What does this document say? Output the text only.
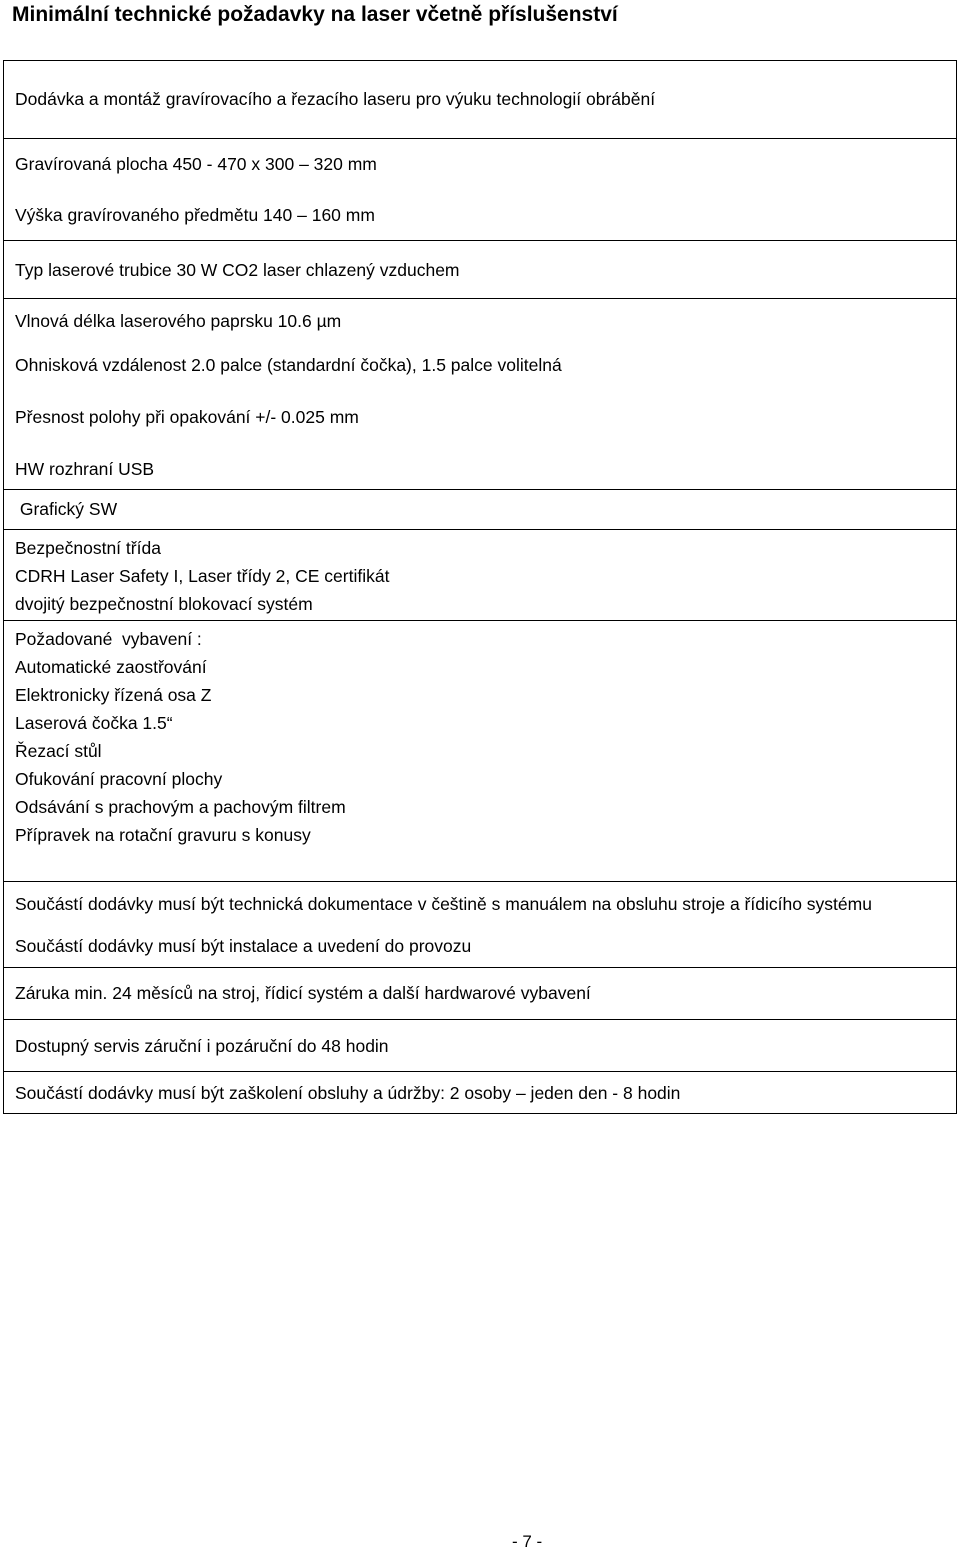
Minimální technické požadavky na laser včetně příslušenství
Dodávka a montáž gravírovacího a řezacího laseru pro výuku technologií obrábění

Gravírovaná plocha 450 - 470 x 300 – 320 mm
Výška gravírovaného předmětu 140 – 160 mm

Typ laserové trubice 30 W CO2 laser chlazený vzduchem

Vlnová délka laserového paprsku 10.6 µm
Ohnisková vzdálenost 2.0 palce (standardní čočka), 1.5 palce volitelná
Přesnost polohy při opakování +/- 0.025 mm
HW rozhraní USB

Grafický SW

Bezpečnostní třída
CDRH Laser Safety I, Laser třídy 2, CE certifikát
dvojitý bezpečnostní blokovací systém

Požadované  vybavení :
Automatické zaostřování
Elektronicky řízená osa Z
Laserová čočka 1.5“
Řezací stůl
Ofukování pracovní plochy
Odsávání s prachovým a pachovým filtrem
Přípravek na rotační gravuru s konusy

Součástí dodávky musí být technická dokumentace v češtině s manuálem na obsluhu stroje a řídicího systému
Součástí dodávky musí být instalace a uvedení do provozu

Záruka min. 24 měsíců na stroj, řídicí systém a další hardwarové vybavení

Dostupný servis záruční i pozáruční do 48 hodin

Součástí dodávky musí být zaškolení obsluhy a údržby: 2 osoby – jeden den - 8 hodin
- 7 -
